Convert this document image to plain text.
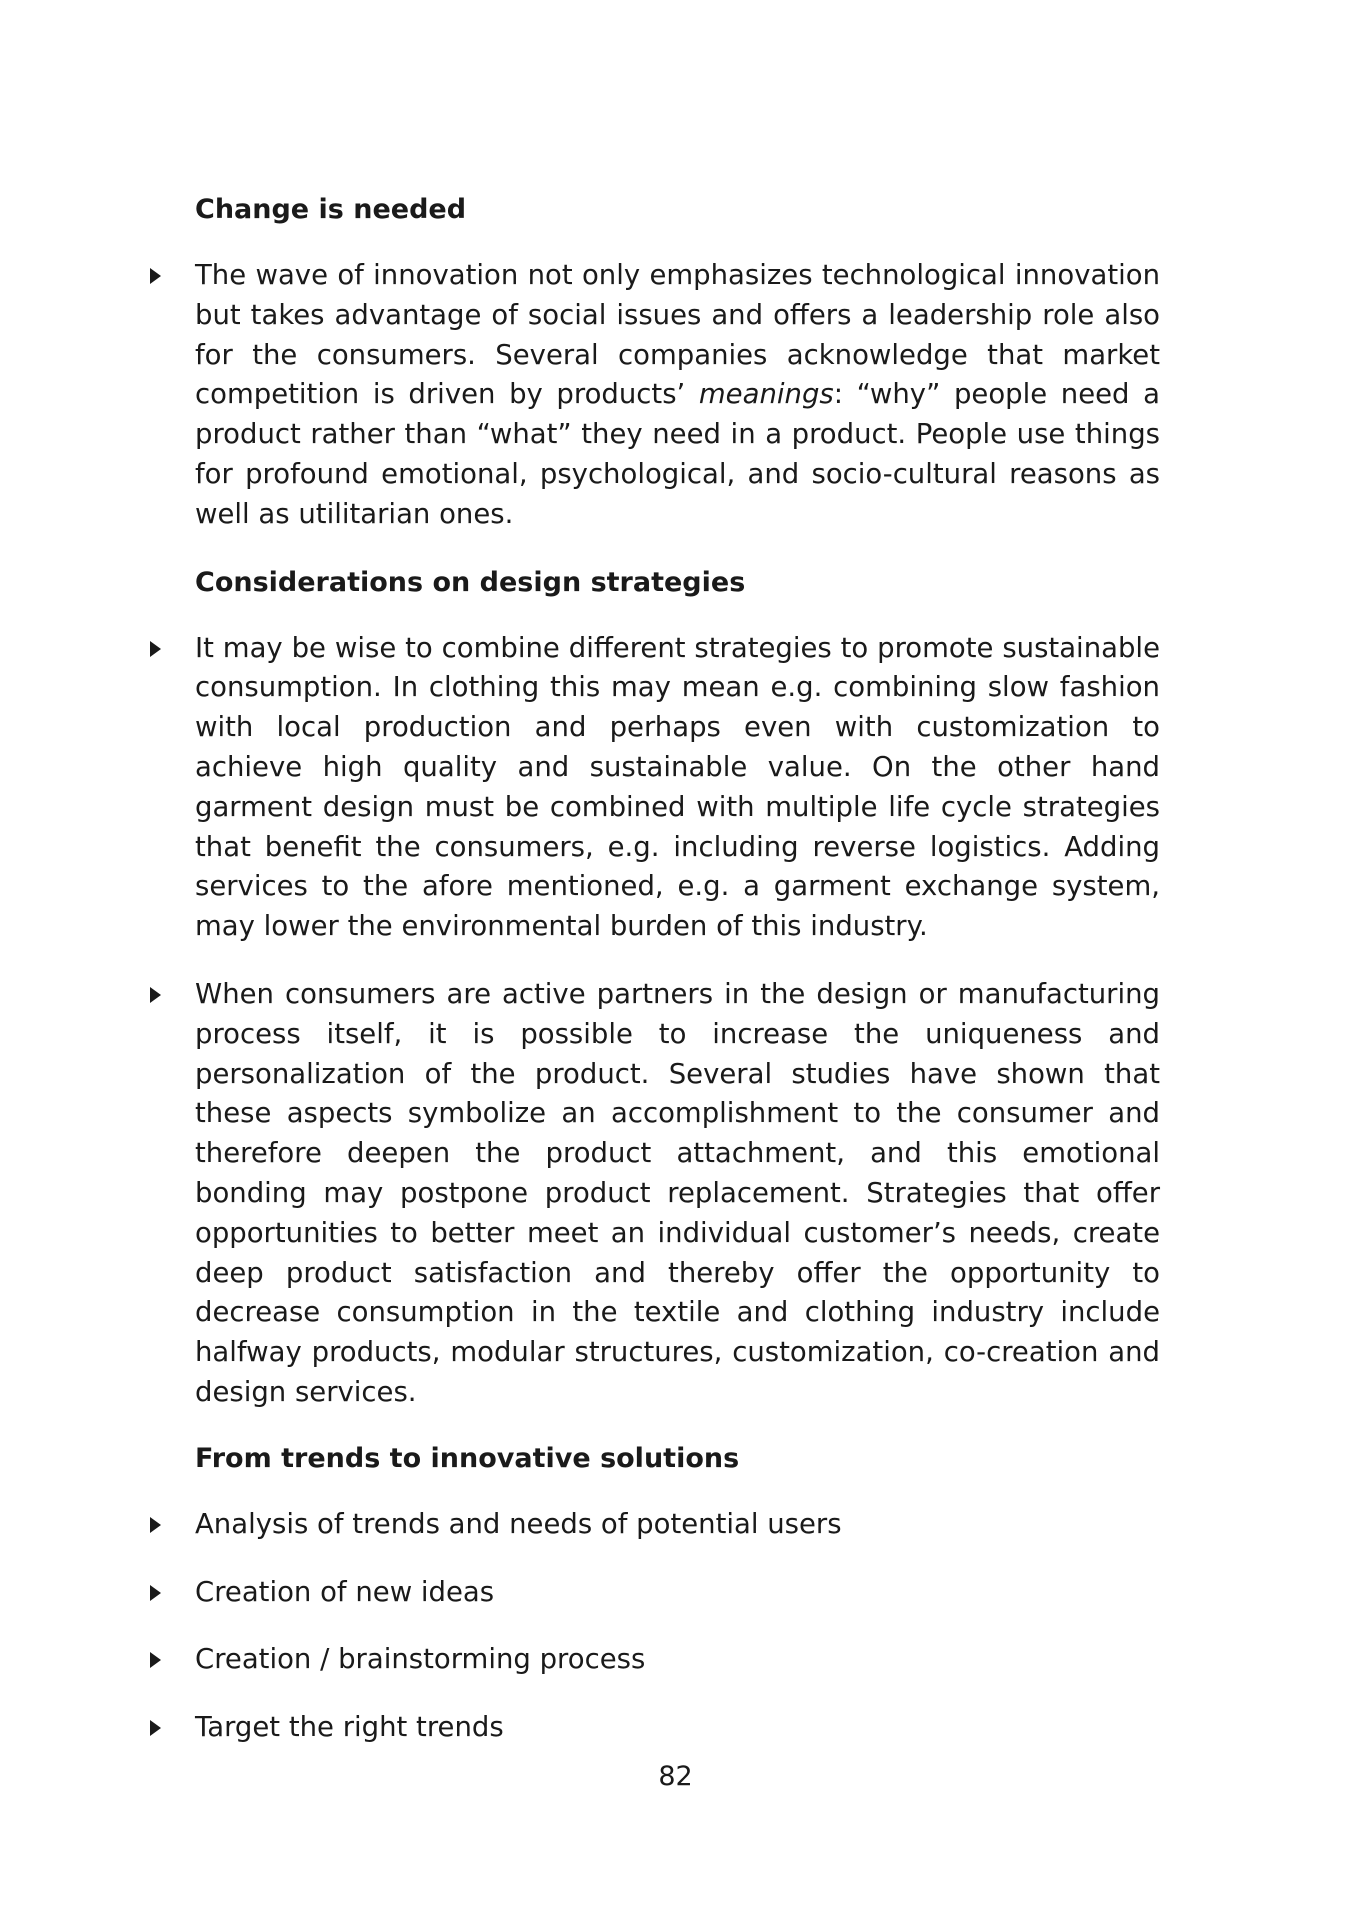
Change is needed
The wave of innovation not only emphasizes technological innovation but takes advantage of social issues and offers a leadership role also for the consumers. Several companies acknowledge that market competition is driven by products’ meanings: “why” people need a product rather than “what” they need in a product. People use things for profound emotional, psychological, and socio-cultural reasons as well as utilitarian ones.
Considerations on design strategies
It may be wise to combine different strategies to promote sustainable consumption. In clothing this may mean e.g. combining slow fashion with local production and perhaps even with customization to achieve high quality and sustainable value. On the other hand garment design must be combined with multiple life cycle strategies that benefit the consumers, e.g. including reverse logistics. Adding services to the afore mentioned, e.g. a garment exchange system, may lower the environmental burden of this industry.
When consumers are active partners in the design or manufacturing process itself, it is possible to increase the uniqueness and personalization of the product. Several studies have shown that these aspects symbolize an accomplishment to the consumer and therefore deepen the product attachment, and this emotional bonding may postpone product replacement. Strategies that offer opportunities to better meet an individual customer’s needs, create deep product satisfaction and thereby offer the opportunity to decrease consumption in the textile and clothing industry include halfway products, modular structures, customization, co-creation and design services.
From trends to innovative solutions
Analysis of trends and needs of potential users
Creation of new ideas
Creation / brainstorming process
Target the right trends
82
